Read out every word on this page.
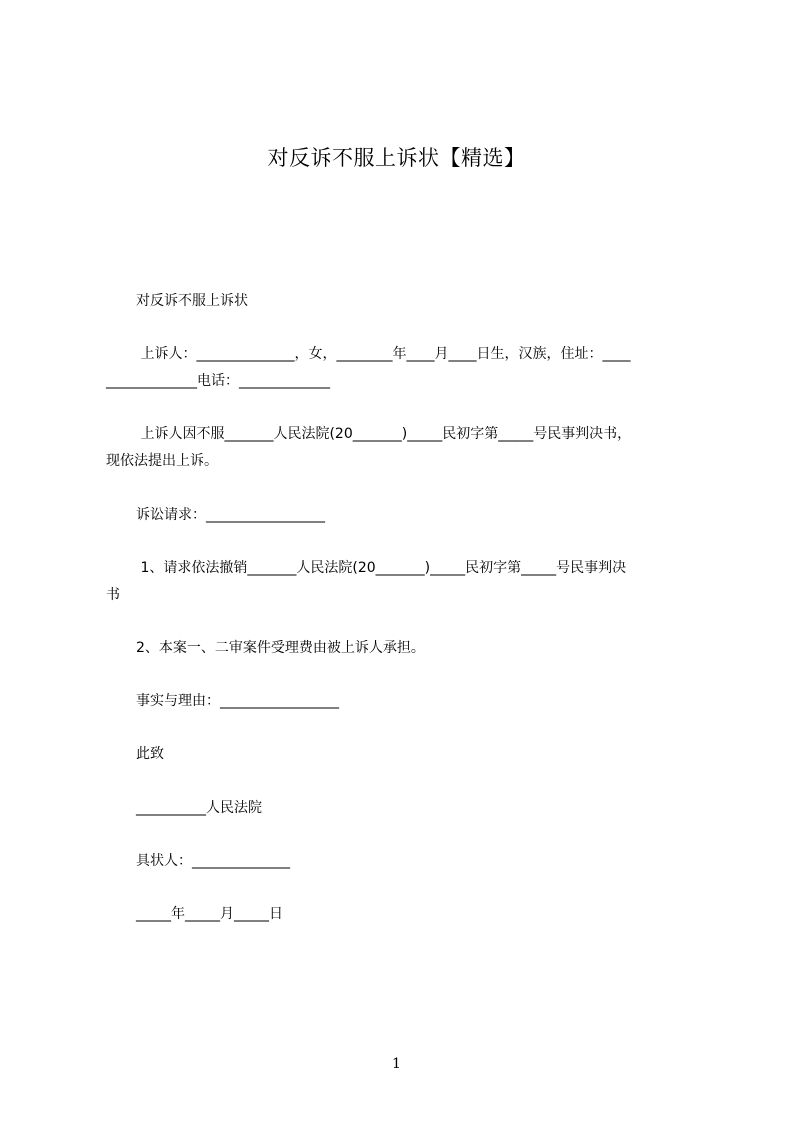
对反诉不服上诉状【精选】
对反诉不服上诉状
上诉人：______________，女，________年____月____日生，汉族，住址：____
_____________电话：_____________
上诉人因不服_______人民法院(20_______)_____民初字第_____号民事判决书，
现依法提出上诉。
诉讼请求：_________________
1、请求依法撤销_______人民法院(20_______)_____民初字第_____号民事判决
书
2、本案一、二审案件受理费由被上诉人承担。
事实与理由：_________________
此致
__________人民法院
具状人：______________
_____年_____月_____日
1
